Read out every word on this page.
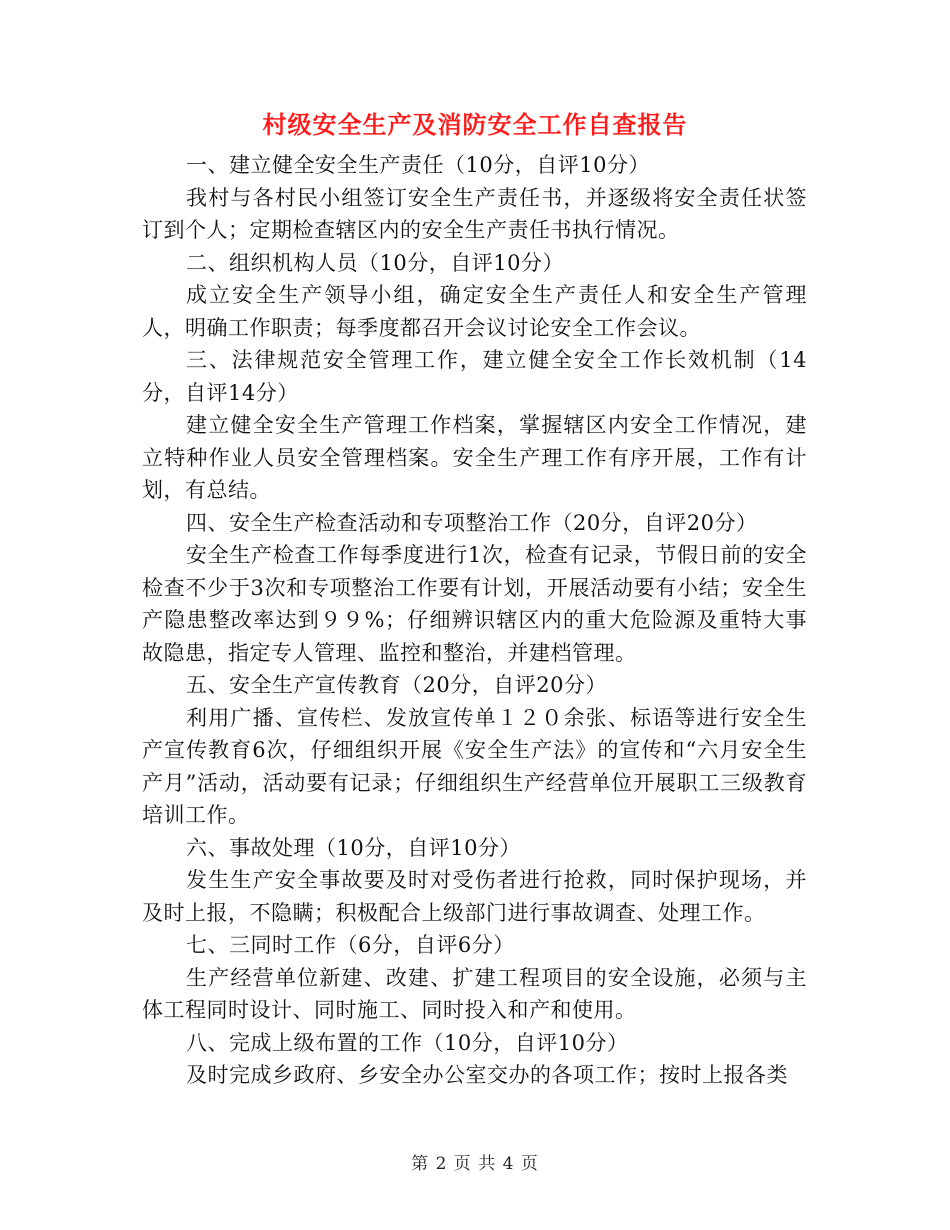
村级安全生产及消防安全工作自查报告

一、建立健全安全生产责任（10分，自评10分）

我村与各村民小组签订安全生产责任书，并逐级将安全责任状签订到个人；定期检查辖区内的安全生产责任书执行情况。

二、组织机构人员（10分，自评10分）

成立安全生产领导小组，确定安全生产责任人和安全生产管理人，明确工作职责；每季度都召开会议讨论安全工作会议。

三、法律规范安全管理工作，建立健全安全工作长效机制（14分，自评14分）

建立健全安全生产管理工作档案，掌握辖区内安全工作情况，建立特种作业人员安全管理档案。安全生产理工作有序开展，工作有计划，有总结。

四、安全生产检查活动和专项整治工作（20分，自评20分）

安全生产检查工作每季度进行1次，检查有记录，节假日前的安全检查不少于3次和专项整治工作要有计划，开展活动要有小结；安全生产隐患整改率达到９９%；仔细辨识辖区内的重大危险源及重特大事故隐患，指定专人管理、监控和整治，并建档管理。

五、安全生产宣传教育（20分，自评20分）

利用广播、宣传栏、发放宣传单１２０余张、标语等进行安全生产宣传教育6次，仔细组织开展《安全生产法》的宣传和“六月安全生产月”活动，活动要有记录；仔细组织生产经营单位开展职工三级教育培训工作。

六、事故处理（10分，自评10分）

发生生产安全事故要及时对受伤者进行抢救，同时保护现场，并及时上报，不隐瞒；积极配合上级部门进行事故调查、处理工作。

七、三同时工作（6分，自评6分）

生产经营单位新建、改建、扩建工程项目的安全设施，必须与主体工程同时设计、同时施工、同时投入和产和使用。

八、完成上级布置的工作（10分，自评10分）

及时完成乡政府、乡安全办公室交办的各项工作；按时上报各类

第 2 页 共 4 页
